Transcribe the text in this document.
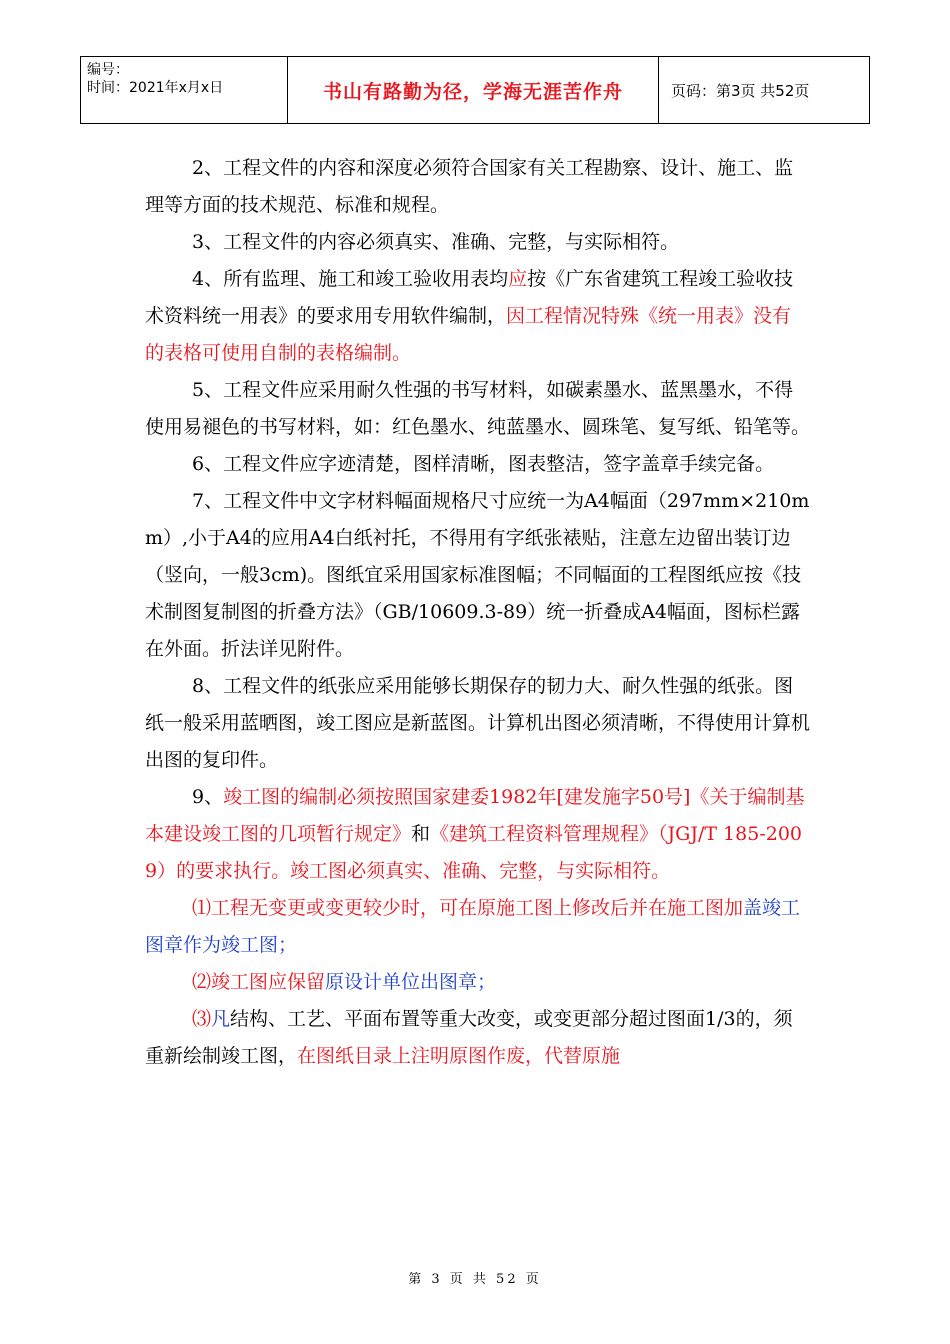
编号：
时间：2021年x月x日	书山有路勤为径，学海无涯苦作舟	页码：第3页 共52页

2、工程文件的内容和深度必须符合国家有关工程勘察、设计、施工、监理等方面的技术规范、标准和规程。

3、工程文件的内容必须真实、准确、完整，与实际相符。

4、所有监理、施工和竣工验收用表均应按《广东省建筑工程竣工验收技术资料统一用表》的要求用专用软件编制，因工程情况特殊《统一用表》没有的表格可使用自制的表格编制。

5、工程文件应采用耐久性强的书写材料，如碳素墨水、蓝黑墨水，不得使用易褪色的书写材料，如：红色墨水、纯蓝墨水、圆珠笔、复写纸、铅笔等。

6、工程文件应字迹清楚，图样清晰，图表整洁，签字盖章手续完备。

7、工程文件中文字材料幅面规格尺寸应统一为A4幅面（297mm×210mm）,小于A4的应用A4白纸衬托，不得用有字纸张裱贴，注意左边留出装订边（竖向，一般3cm)。图纸宜采用国家标准图幅；不同幅面的工程图纸应按《技术制图复制图的折叠方法》（GB/10609.3-89）统一折叠成A4幅面，图标栏露在外面。折法详见附件。

8、工程文件的纸张应采用能够长期保存的韧力大、耐久性强的纸张。图纸一般采用蓝晒图，竣工图应是新蓝图。计算机出图必须清晰，不得使用计算机出图的复印件。

9、竣工图的编制必须按照国家建委1982年[建发施字50号]《关于编制基本建设竣工图的几项暂行规定》和《建筑工程资料管理规程》（JGJ/T 185-2009）的要求执行。竣工图必须真实、准确、完整，与实际相符。

⑴工程无变更或变更较少时，可在原施工图上修改后并在施工图加盖竣工图章作为竣工图；

⑵竣工图应保留原设计单位出图章；

⑶凡结构、工艺、平面布置等重大改变，或变更部分超过图面1/3的，须重新绘制竣工图，在图纸目录上注明原图作废，代替原施

第 3 页 共 52 页
